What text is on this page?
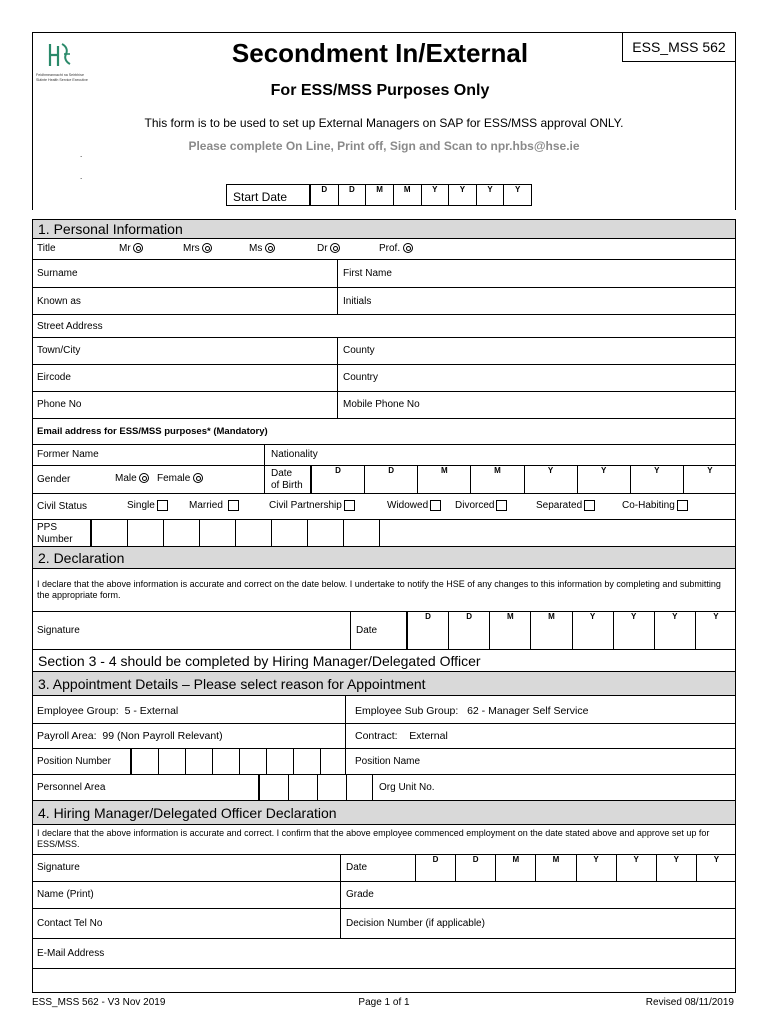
Feidhmeannacht na Seirbhíse Sláinte Health Service Executive
Secondment In/External	ESS_MSS
562
For ESS/MSS Purposes Only
This form is to be used to set up External Managers on SAP for ESS/MSS approval ONLY.
Please complete On Line, Print off, Sign and Scan to npr.hbs@hse.ie
.
.
Start Date
D	D	M	M	Y	Y	Y	Y
1. Personal Information
Title	Mr	Mrs	Ms	Dr	Prof.
Surname	First Name
Known as	Initials
Street Address
Town/City	County
Eircode	Country
Phone No	Mobile Phone No
Email address for ESS/MSS purposes* (Mandatory)
Former Name	Nationality
Gender	Male	Female	Date
of Birth
D	D	M	M	Y	Y	Y	Y
Civil Status	Single	Married	Civil Partnership	Widowed	Divorced	Separated	Co-Habiting
PPS
Number
2. Declaration
I declare that the above information is accurate and correct on the date below. I undertake to notify the HSE of any changes to this information by completing and submitting the appropriate form.
Signature	Date
D	D	M	M	Y	Y	Y	Y
Section 3 - 4 should be completed by Hiring Manager/Delegated Officer
3. Appointment Details – Please select reason for Appointment
Employee Group: 5 - External	Employee Sub Group: 62 - Manager Self Service
Payroll Area: 99 (Non Payroll Relevant)	Contract: External
Position Number	Position Name
Personnel Area	Org Unit No.
4. Hiring Manager/Delegated Officer Declaration
I declare that the above information is accurate and correct. I confirm that the above employee commenced employment on the date stated above and approve set up for ESS/MSS.
Signature	Date
D	D	M	M	Y	Y	Y	Y
Name (Print)	Grade
Contact Tel No	Decision Number (if applicable)
E-Mail Address
ESS_MSS 562 - V3 Nov 2019	Page 1 of 1	Revised 08/11/2019
